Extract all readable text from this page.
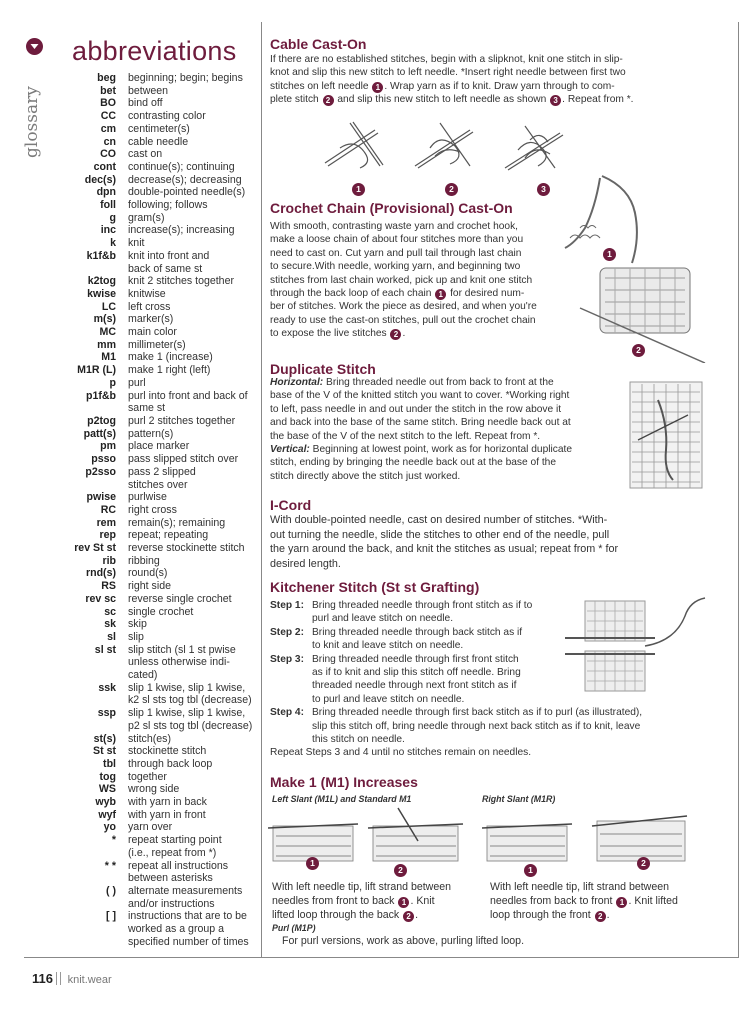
glossary
abbreviations
beg	beginning; begin; begins
bet	between
BO	bind off
CC	contrasting color
cm	centimeter(s)
cn	cable needle
CO	cast on
cont	continue(s); continuing
dec(s)	decrease(s); decreasing
dpn	double-pointed needle(s)
foll	following; follows
g	gram(s)
inc	increase(s); increasing
k	knit
k1f&b	knit into front and
back of same st
k2tog	knit 2 stitches together
kwise	knitwise
LC	left cross
m(s)	marker(s)
MC	main color
mm	millimeter(s)
M1	make 1 (increase)
M1R (L)	make 1 right (left)
p	purl
p1f&b	purl into front and back of
same st
p2tog	purl 2 stitches together
patt(s)	pattern(s)
pm	place marker
psso	pass slipped stitch over
p2sso	pass 2 slipped
stitches over
pwise	purlwise
RC	right cross
rem	remain(s); remaining
rep	repeat; repeating
rev St st	reverse stockinette stitch
rib	ribbing
rnd(s)	round(s)
RS	right side
rev sc	reverse single crochet
sc	single crochet
sk	skip
sl	slip
sl st	slip stitch (sl 1 st pwise
unless otherwise indi-
cated)
ssk	slip 1 kwise, slip 1 kwise,
k2 sl sts tog tbl (decrease)
ssp	slip 1 kwise, slip 1 kwise,
p2 sl sts tog tbl (decrease)
st(s)	stitch(es)
St st	stockinette stitch
tbl	through back loop
tog	together
WS	wrong side
wyb	with yarn in back
wyf	with yarn in front
yo	yarn over
*	repeat starting point
(i.e., repeat from *)
* *	repeat all instructions
between asterisks
( )	alternate measurements
and/or instructions
[ ]	instructions that are to be
worked as a group a
specified number of times
Cable Cast-On
If there are no established stitches, begin with a slipknot, knit one stitch in slip-
knot and slip this new stitch to left needle. *Insert right needle between first two
stitches on left needle 1 . Wrap yarn as if to knit. Draw yarn through to com-
plete stitch 2 and slip this new stitch to left needle as shown 3 . Repeat from *.
1	2	3
Crochet Chain (Provisional) Cast-On
With smooth, contrasting waste yarn and crochet hook,
make a loose chain of about four stitches more than you
need to cast on. Cut yarn and pull tail through last chain
to secure.With needle, working yarn, and beginning two
stitches from last chain worked, pick up and knit one stitch
through the back loop of each chain 1 for desired num-
ber of stitches. Work the piece as desired, and when you're
ready to use the cast-on stitches, pull out the crochet chain
to expose the live stitches 2 .
1
2
Duplicate Stitch
Horizontal: Bring threaded needle out from back to front at the
base of the V of the knitted stitch you want to cover. *Working right
to left, pass needle in and out under the stitch in the row above it
and back into the base of the same stitch. Bring needle back out at
the base of the V of the next stitch to the left. Repeat from *.
Vertical: Beginning at lowest point, work as for horizontal duplicate
stitch, ending by bringing the needle back out at the base of the
stitch directly above the stitch just worked.
I-Cord
With double-pointed needle, cast on desired number of stitches. *With-
out turning the needle, slide the stitches to other end of the needle, pull
the yarn around the back, and knit the stitches as usual; repeat from * for
desired length.
Kitchener Stitch (St st Grafting)
Step 1: Bring threaded needle through front stitch as if to
purl and leave stitch on needle.
Step 2: Bring threaded needle through back stitch as if
to knit and leave stitch on needle.
Step 3: Bring threaded needle through first front stitch
as if to knit and slip this stitch off needle. Bring
threaded needle through next front stitch as if
to purl and leave stitch on needle.
Step 4: Bring threaded needle through first back stitch as if to purl (as illustrated),
slip this stitch off, bring needle through next back stitch as if to knit, leave
this stitch on needle.
Repeat Steps 3 and 4 until no stitches remain on needles.
Make 1 (M1) Increases
Left Slant (M1L) and Standard M1	Right Slant (M1R)
1
2	1
2
With left needle tip, lift strand between
needles from front to back 1 . Knit
lifted loop through the back 2 .
With left needle tip, lift strand between
needles from back to front 1 . Knit lifted
loop through the front 2 .
Purl (M1P)
For purl versions, work as above, purling lifted loop.
116 knit.wear
